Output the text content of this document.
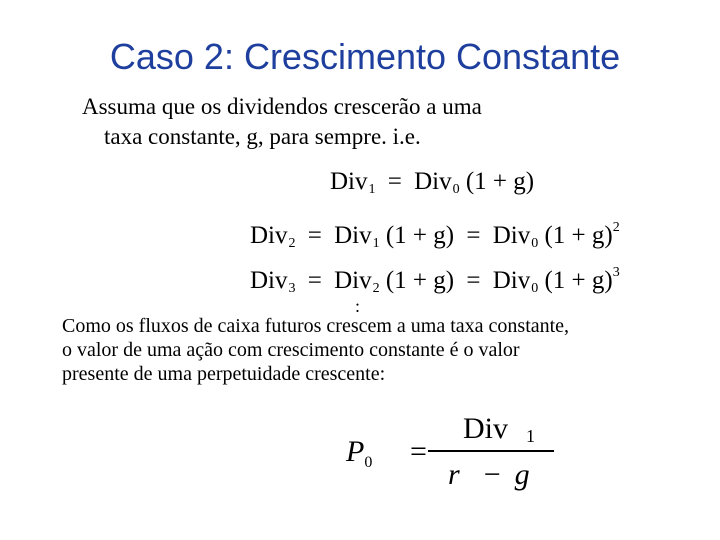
Caso 2: Crescimento Constante
Assuma que os dividendos crescerão a uma
taxa constante, g, para sempre. i.e.
Div$_1$ = Div$_0$ (1 + g)
Div$_2$ = Div$_1$ (1 + g) = Div$_0$ $(1 + g)^2$
Div$_3$ = Div$_2$ (1 + g) = Div$_0$ $(1 + g)^3$
:
Como os fluxos de caixa futuros crescem a uma taxa constante,
o valor de uma ação com crescimento constante é o valor
presente de uma perpetuidade crescente:
$P_0$ =
Div 1
r − g
